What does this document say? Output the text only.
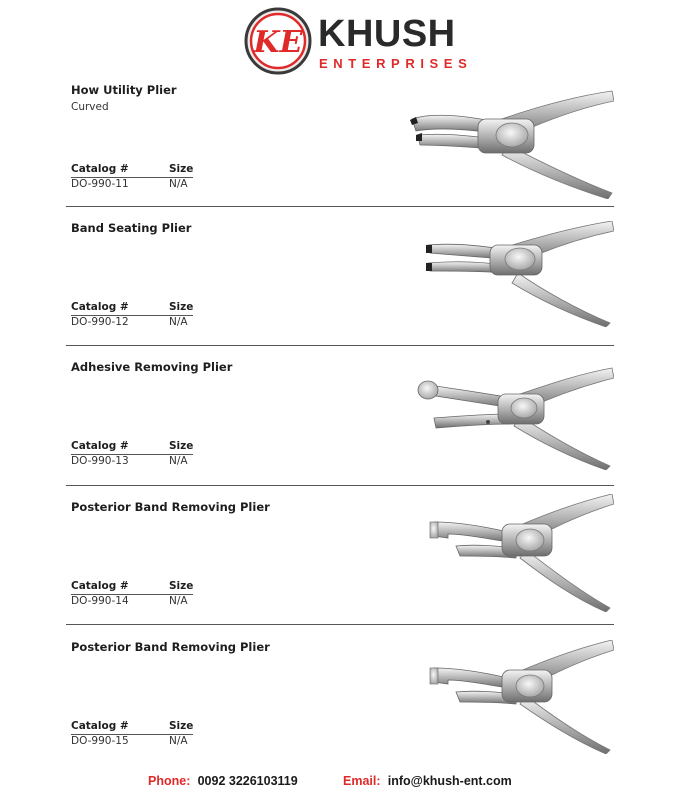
KE KHUSH
ENTERPRISES
How Utility Plier
Curved
Catalog #	Size
DO-990-11	N/A
Band Seating Plier
Catalog #	Size
DO-990-12	N/A
Adhesive Removing Plier
Catalog #	Size
DO-990-13	N/A
Posterior Band Removing Plier
Catalog #	Size
DO-990-14	N/A
Posterior Band Removing Plier
Catalog #	Size
DO-990-15	N/A
Phone: 0092 3226103119	Email: info@khush-ent.com
